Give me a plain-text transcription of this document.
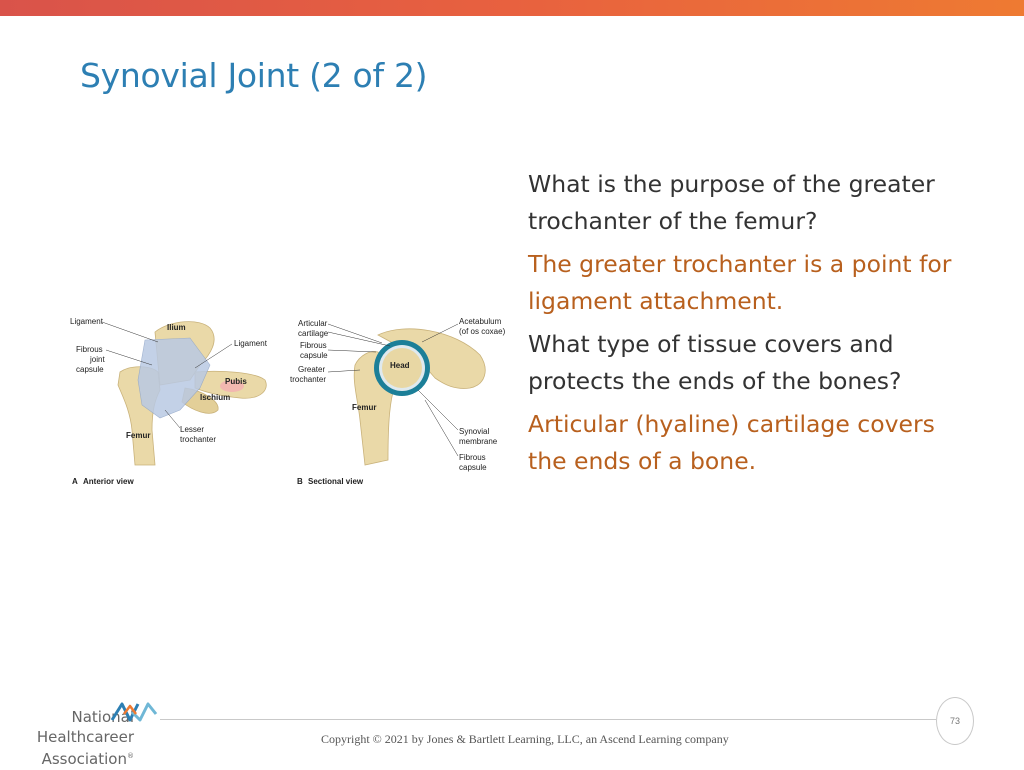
Synovial Joint (2 of 2)

What is the purpose of the greater trochanter of the femur?

The greater trochanter is a point for ligament attachment.

What type of tissue covers and protects the ends of the bones?

Articular (hyaline) cartilage covers the ends of a bone.

Ligament
Fibrous
joint
capsule
Ilium
Ligament
Pubis
Ischium
Femur
Lesser
trochanter
A Anterior view
Articular
cartilage
Fibrous
capsule
Greater
trochanter
Acetabulum
(of os coxae)
Head
Femur
Synovial
membrane
Fibrous
capsule
B Sectional view
73
Copyright © 2021 by Jones & Bartlett Learning, LLC, an Ascend Learning company
National
Healthcareer
Association®
